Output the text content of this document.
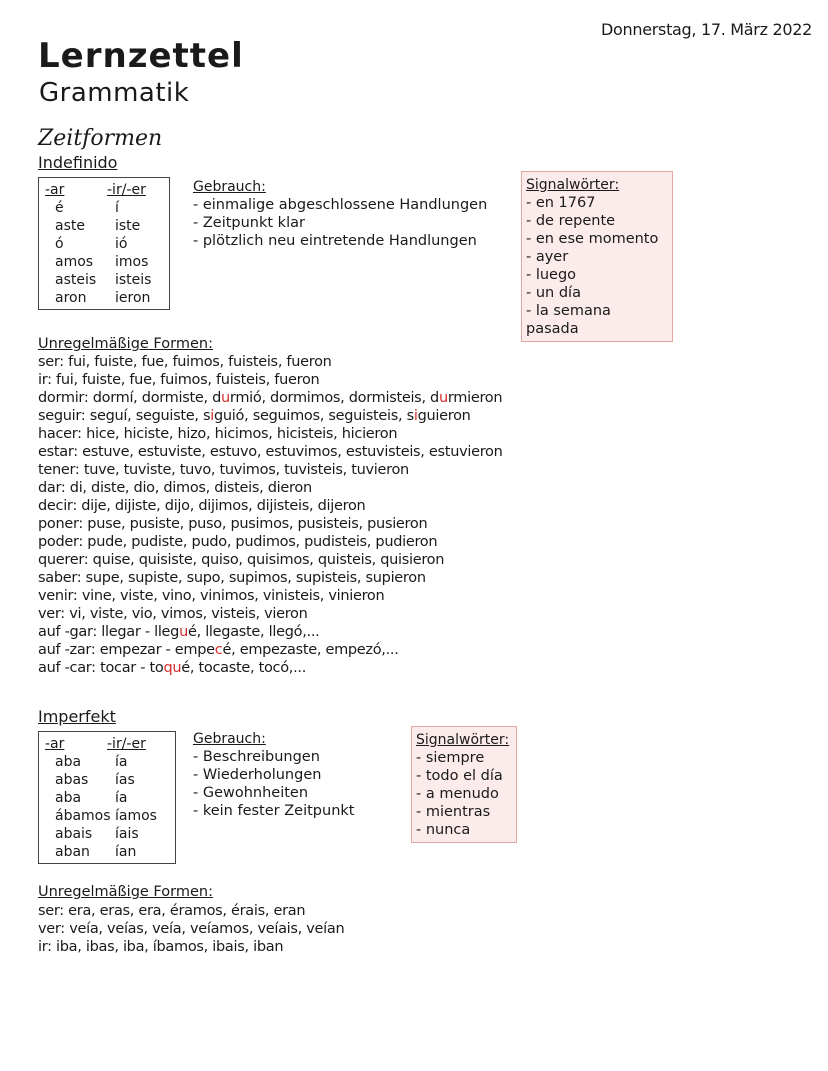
Donnerstag, 17. März 2022
Lernzettel
Grammatik
Zeitformen
Indefinido
-ar	-ir/-er
é	í
aste	iste
ó	ió
amos	imos
asteis	isteis
aron	ieron
Gebrauch:
- einmalige abgeschlossene Handlungen
- Zeitpunkt klar
- plötzlich neu eintretende Handlungen
Signalwörter:
- en 1767
- de repente
- en ese momento
- ayer
- luego
- un día
- la semana pasada
Unregelmäßige Formen:
ser: fui, fuiste, fue, fuimos, fuisteis, fueron
ir: fui, fuiste, fue, fuimos, fuisteis, fueron
dormir: dormí, dormiste, durmió, dormimos, dormisteis, durmieron
seguir: seguí, seguiste, siguió, seguimos, seguisteis, siguieron
hacer: hice, hiciste, hizo, hicimos, hicisteis, hicieron
estar: estuve, estuviste, estuvo, estuvimos, estuvisteis, estuvieron
tener: tuve, tuviste, tuvo, tuvimos, tuvisteis, tuvieron
dar: di, diste, dio, dimos, disteis, dieron
decir: dije, dijiste, dijo, dijimos, dijisteis, dijeron
poner: puse, pusiste, puso, pusimos, pusisteis, pusieron
poder: pude, pudiste, pudo, pudimos, pudisteis, pudieron
querer: quise, quisiste, quiso, quisimos, quisteis, quisieron
saber: supe, supiste, supo, supimos, supisteis, supieron
venir: vine, viste, vino, vinimos, vinisteis, vinieron
ver: vi, viste, vio, vimos, visteis, vieron
auf -gar: llegar - llegué, llegaste, llegó,...
auf -zar: empezar - empecé, empezaste, empezó,...
auf -car: tocar - toqué, tocaste, tocó,...
Imperfekt
-ar	-ir/-er
aba	ía
abas	ías
aba	ía
ábamos íamos
abais	íais
aban	ían
Gebrauch:
- Beschreibungen
- Wiederholungen
- Gewohnheiten
- kein fester Zeitpunkt
Signalwörter:
- siempre
- todo el día
- a menudo
- mientras
- nunca
Unregelmäßige Formen:
ser: era, eras, era, éramos, érais, eran
ver: veía, veías, veía, veíamos, veíais, veían
ir: iba, ibas, iba, íbamos, ibais, iban
